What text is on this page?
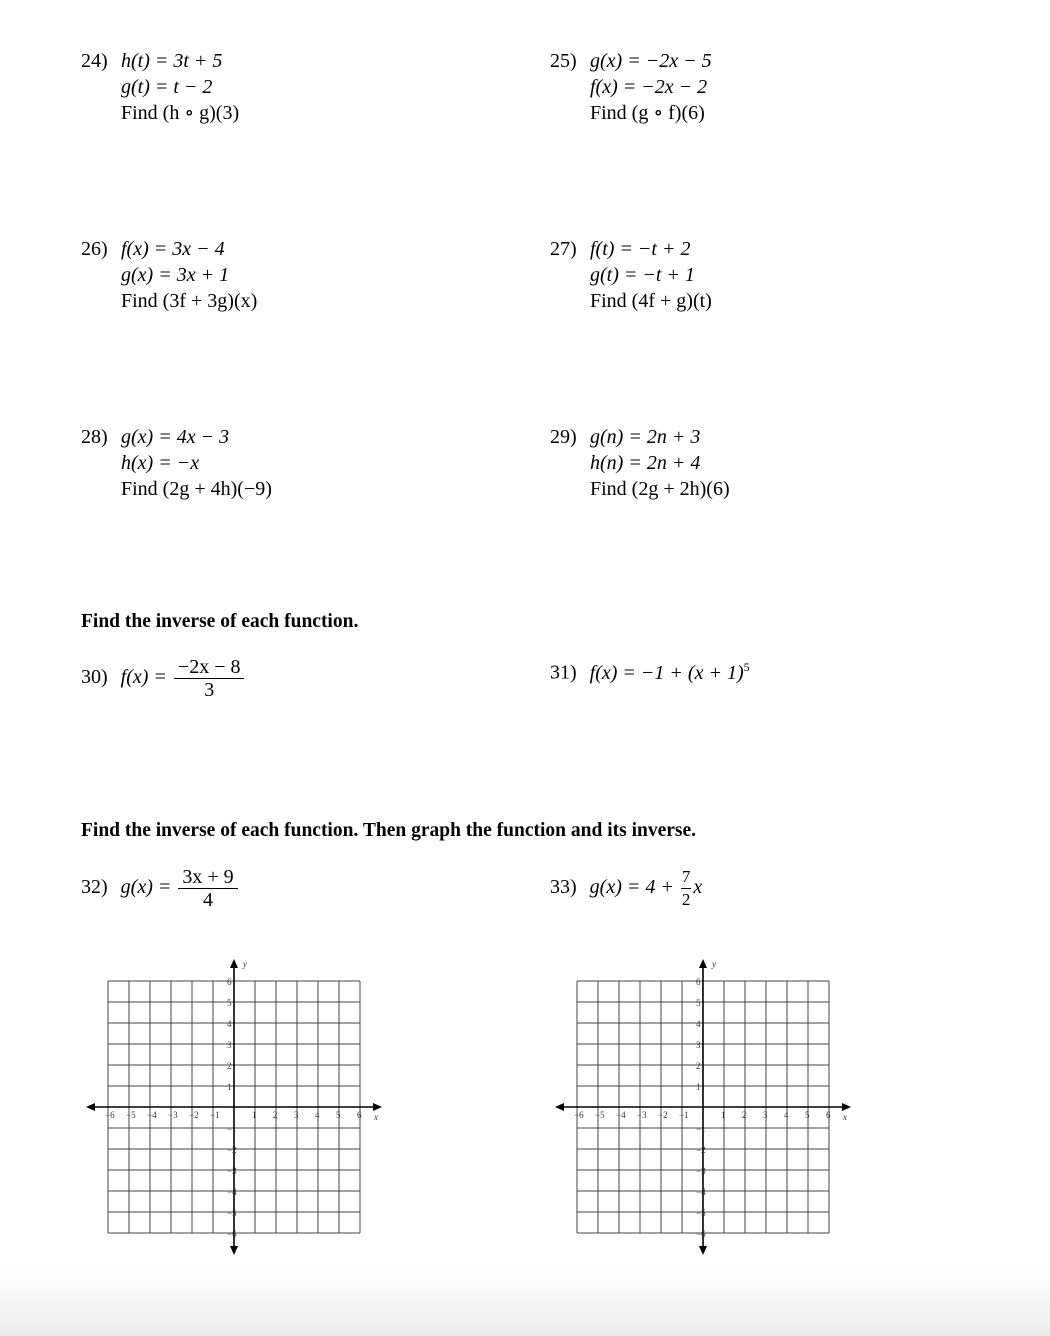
24) h(t) = 3t + 5
g(t) = t − 2
Find (h ∘ g)(3)
25) g(x) = −2x − 5
f(x) = −2x − 2
Find (g ∘ f)(6)
26) f(x) = 3x − 4
g(x) = 3x + 1
Find (3f + 3g)(x)
27) f(t) = −t + 2
g(t) = −t + 1
Find (4f + g)(t)
28) g(x) = 4x − 3
h(x) = −x
Find (2g + 4h)(−9)
29) g(n) = 2n + 3
h(n) = 2n + 4
Find (2g + 2h)(6)
Find the inverse of each function.
30) $f(x) = \frac{-2x - 8}{3}$	31) $f(x) = -1 + (x + 1)^5$
Find the inverse of each function. Then graph the function and its inverse.
32) $g(x) = \frac{3x + 9}{4}$	33) $g(x) = 4 + \frac{7}{2}$ x
−6 −5 −4 −3 −2 −1	1 2 3 4 5 6
6
5
4
3
2
1
−1
−2
−3
−4
−5
−6
x
y
−6 −5 −4 −3 −2 −1	1 2 3 4 5 6
6
5
4
3
2
1
−1
−2
−3
−4
−5
−6
x
y
